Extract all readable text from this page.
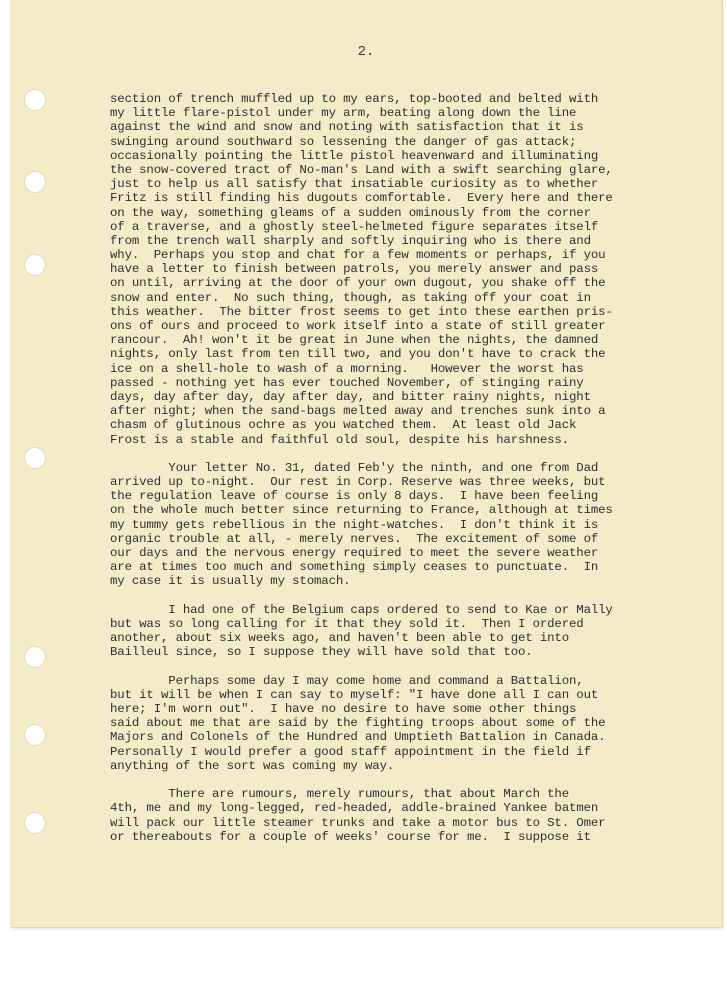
2.
section of trench muffled up to my ears, top-booted and belted with
my little flare-pistol under my arm, beating along down the line
against the wind and snow and noting with satisfaction that it is
swinging around southward so lessening the danger of gas attack;
occasionally pointing the little pistol heavenward and illuminating
the snow-covered tract of No-man's Land with a swift searching glare,
just to help us all satisfy that insatiable curiosity as to whether
Fritz is still finding his dugouts comfortable.  Every here and there
on the way, something gleams of a sudden ominously from the corner
of a traverse, and a ghostly steel-helmeted figure separates itself
from the trench wall sharply and softly inquiring who is there and
why.  Perhaps you stop and chat for a few moments or perhaps, if you
have a letter to finish between patrols, you merely answer and pass
on until, arriving at the door of your own dugout, you shake off the
snow and enter.  No such thing, though, as taking off your coat in
this weather.  The bitter frost seems to get into these earthen pris-
ons of ours and proceed to work itself into a state of still greater
rancour.  Ah! won't it be great in June when the nights, the damned
nights, only last from ten till two, and you don't have to crack the
ice on a shell-hole to wash of a morning.   However the worst has
passed - nothing yet has ever touched November, of stinging rainy
days, day after day, day after day, and bitter rainy nights, night
after night; when the sand-bags melted away and trenches sunk into a
chasm of glutinous ochre as you watched them.  At least old Jack
Frost is a stable and faithful old soul, despite his harshness.
Your letter No. 31, dated Feb'y the ninth, and one from Dad
arrived up to-night.  Our rest in Corp. Reserve was three weeks, but
the regulation leave of course is only 8 days.  I have been feeling
on the whole much better since returning to France, although at times
my tummy gets rebellious in the night-watches.  I don't think it is
organic trouble at all, - merely nerves.  The excitement of some of
our days and the nervous energy required to meet the severe weather
are at times too much and something simply ceases to punctuate.  In
my case it is usually my stomach.
I had one of the Belgium caps ordered to send to Kae or Mally
but was so long calling for it that they sold it.  Then I ordered
another, about six weeks ago, and haven't been able to get into
Bailleul since, so I suppose they will have sold that too.
Perhaps some day I may come home and command a Battalion,
but it will be when I can say to myself: "I have done all I can out
here; I'm worn out".  I have no desire to have some other things
said about me that are said by the fighting troops about some of the
Majors and Colonels of the Hundred and Umptieth Battalion in Canada.
Personally I would prefer a good staff appointment in the field if
anything of the sort was coming my way.
There are rumours, merely rumours, that about March the
4th, me and my long-legged, red-headed, addle-brained Yankee batmen
will pack our little steamer trunks and take a motor bus to St. Omer
or thereabouts for a couple of weeks' course for me.  I suppose it
